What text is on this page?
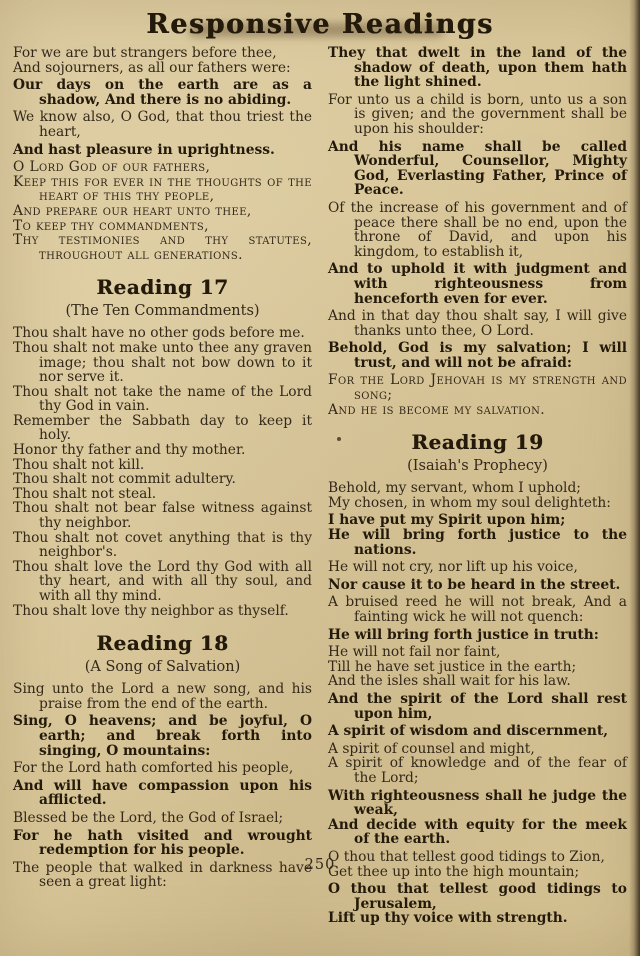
Responsive Readings
For we are but strangers before thee,
And sojourners, as all our fathers were:
Our days on the earth are as a shadow, And there is no abiding.
We know also, O God, that thou triest the heart,
And hast pleasure in uprightness.
O Lord God of our fathers,
Keep this for ever in the thoughts of the heart of this thy people,
And prepare our heart unto thee,
To keep thy commandments,
Thy testimonies and thy statutes, throughout all generations.
Reading 17
(The Ten Commandments)
Thou shalt have no other gods before me.
Thou shalt not make unto thee any graven image; thou shalt not bow down to it nor serve it.
Thou shalt not take the name of the Lord thy God in vain.
Remember the Sabbath day to keep it holy.
Honor thy father and thy mother.
Thou shalt not kill.
Thou shalt not commit adultery.
Thou shalt not steal.
Thou shalt not bear false witness against thy neighbor.
Thou shalt not covet anything that is thy neighbor's.
Thou shalt love the Lord thy God with all thy heart, and with all thy soul, and with all thy mind.
Thou shalt love thy neighbor as thyself.
Reading 18
(A Song of Salvation)
Sing unto the Lord a new song, and his praise from the end of the earth.
Sing, O heavens; and be joyful, O earth; and break forth into singing, O mountains:
For the Lord hath comforted his people,
And will have compassion upon his afflicted.
Blessed be the Lord, the God of Israel;
For he hath visited and wrought redemption for his people.
The people that walked in darkness have seen a great light:
They that dwelt in the land of the shadow of death, upon them hath the light shined.
For unto us a child is born, unto us a son is given; and the government shall be upon his shoulder:
And his name shall be called Wonderful, Counsellor, Mighty God, Everlasting Father, Prince of Peace.
Of the increase of his government and of peace there shall be no end, upon the throne of David, and upon his kingdom, to establish it,
And to uphold it with judgment and with righteousness from henceforth even for ever.
And in that day thou shalt say, I will give thanks unto thee, O Lord.
Behold, God is my salvation; I will trust, and will not be afraid:
For the Lord Jehovah is my strength and song;
And he is become my salvation.
Reading 19
(Isaiah's Prophecy)
Behold, my servant, whom I uphold;
My chosen, in whom my soul delighteth:
I have put my Spirit upon him;
He will bring forth justice to the nations.
He will not cry, nor lift up his voice,
Nor cause it to be heard in the street.
A bruised reed he will not break, And a fainting wick he will not quench:
He will bring forth justice in truth:
He will not fail nor faint,
Till he have set justice in the earth;
And the isles shall wait for his law.
And the spirit of the Lord shall rest upon him,
A spirit of wisdom and discernment,
A spirit of counsel and might,
A spirit of knowledge and of the fear of the Lord;
With righteousness shall he judge the weak,
And decide with equity for the meek of the earth.
O thou that tellest good tidings to Zion,
Get thee up into the high mountain;
O thou that tellest good tidings to Jerusalem,
Lift up thy voice with strength.
250
